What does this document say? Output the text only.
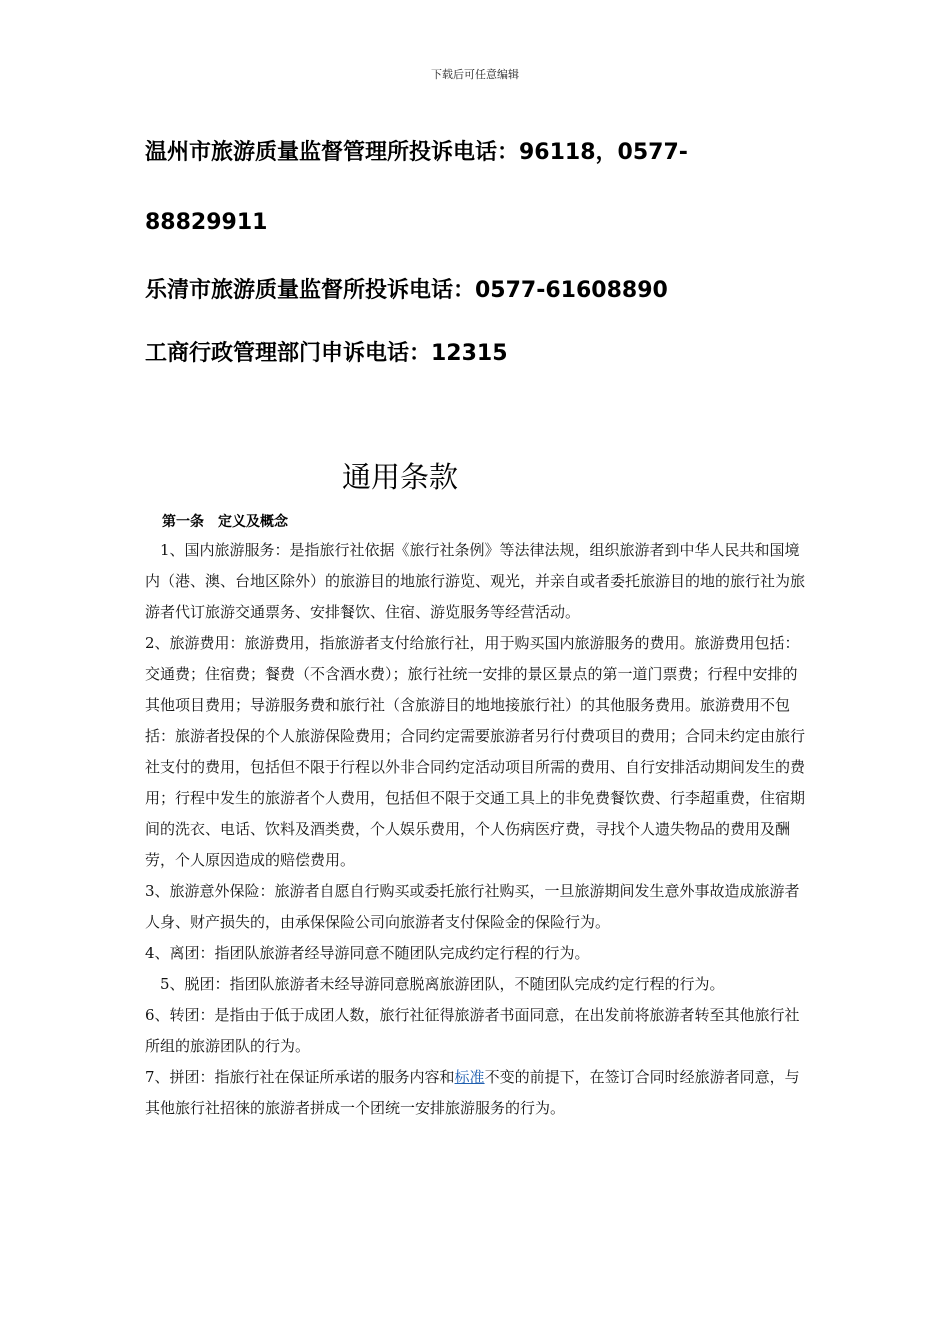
下载后可任意编辑
温州市旅游质量监督管理所投诉电话：96118，0577-
88829911
乐清市旅游质量监督所投诉电话：0577-61608890
工商行政管理部门申诉电话：12315
通用条款
第一条　定义及概念

　1、国内旅游服务：是指旅行社依据《旅行社条例》等法律法规，组织旅游者到中华人民共和国境内（港、澳、台地区除外）的旅游目的地旅行游览、观光，并亲自或者委托旅游目的地的旅行社为旅游者代订旅游交通票务、安排餐饮、住宿、游览服务等经营活动。

2、旅游费用：旅游费用，指旅游者支付给旅行社，用于购买国内旅游服务的费用。旅游费用包括：交通费；住宿费；餐费（不含酒水费）；旅行社统一安排的景区景点的第一道门票费；行程中安排的其他项目费用；导游服务费和旅行社（含旅游目的地地接旅行社）的其他服务费用。旅游费用不包括：旅游者投保的个人旅游保险费用；合同约定需要旅游者另行付费项目的费用；合同未约定由旅行社支付的费用，包括但不限于行程以外非合同约定活动项目所需的费用、自行安排活动期间发生的费用；行程中发生的旅游者个人费用，包括但不限于交通工具上的非免费餐饮费、行李超重费，住宿期间的洗衣、电话、饮料及酒类费，个人娱乐费用，个人伤病医疗费，寻找个人遗失物品的费用及酬劳，个人原因造成的赔偿费用。

3、旅游意外保险：旅游者自愿自行购买或委托旅行社购买，一旦旅游期间发生意外事故造成旅游者人身、财产损失的，由承保保险公司向旅游者支付保险金的保险行为。

4、离团：指团队旅游者经导游同意不随团队完成约定行程的行为。

　5、脱团：指团队旅游者未经导游同意脱离旅游团队，不随团队完成约定行程的行为。

6、转团：是指由于低于成团人数，旅行社征得旅游者书面同意，在出发前将旅游者转至其他旅行社所组的旅游团队的行为。

7、拼团：指旅行社在保证所承诺的服务内容和标准不变的前提下，在签订合同时经旅游者同意，与其他旅行社招徕的旅游者拼成一个团统一安排旅游服务的行为。
